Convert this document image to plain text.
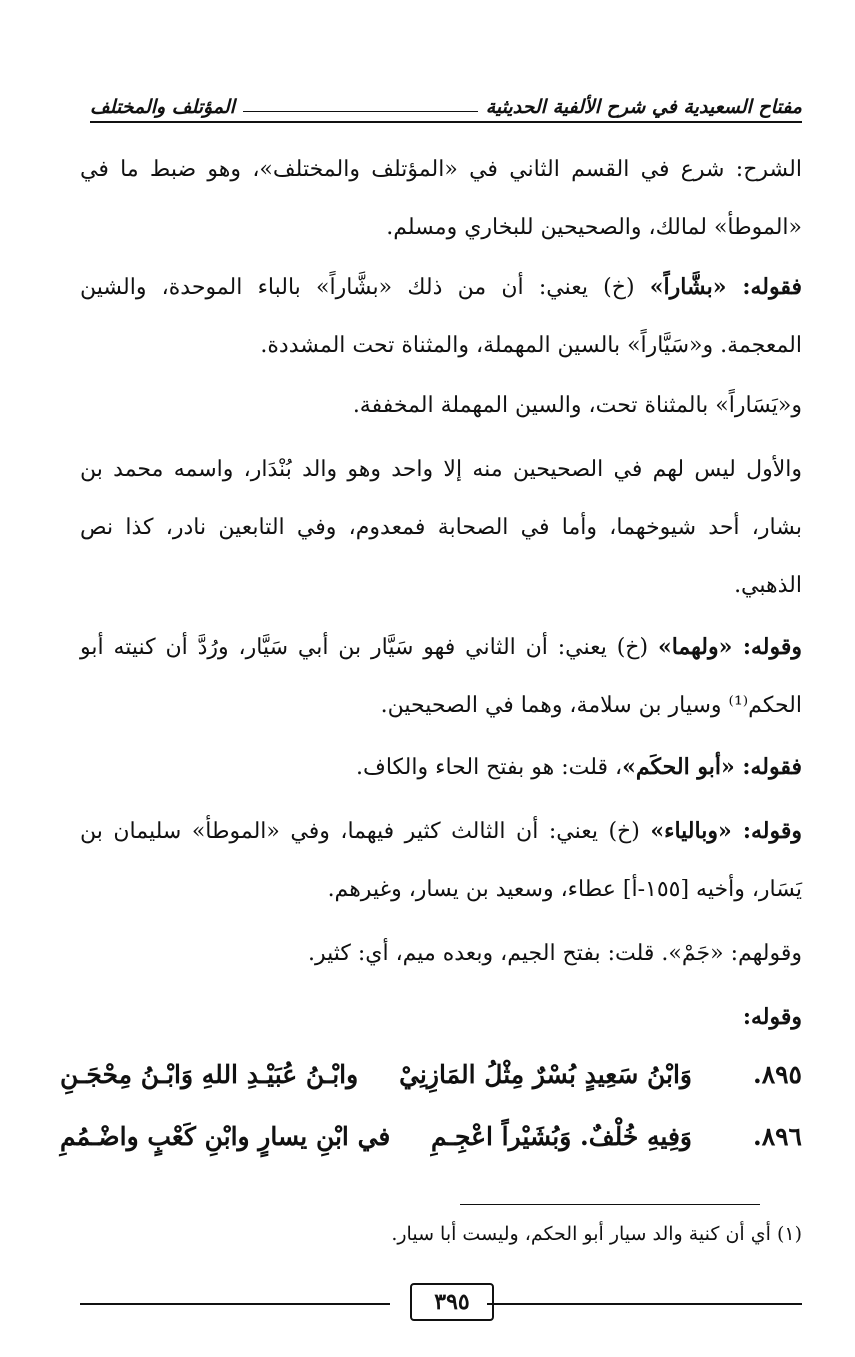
مفتاح السعيدية في شرح الألفية الحديثية
المؤتلف والمختلف
الشرح: شرع في القسم الثاني في «المؤتلف والمختلف»، وهو ضبط ما في «الموطأ» لمالك، والصحيحين للبخاري ومسلم.
فقوله: «بشَّاراً» (خ) يعني: أن من ذلك «بشَّاراً» بالباء الموحدة، والشين المعجمة. و«سَيَّاراً» بالسين المهملة، والمثناة تحت المشددة.
و«يَسَاراً» بالمثناة تحت، والسين المهملة المخففة.
والأول ليس لهم في الصحيحين منه إلا واحد وهو والد بُنْدَار، واسمه محمد بن بشار، أحد شيوخهما، وأما في الصحابة فمعدوم، وفي التابعين نادر، كذا نص الذهبي.
وقوله: «ولهما» (خ) يعني: أن الثاني فهو سَيَّار بن أبي سَيَّار، ورُدَّ أن كنيته أبو الحكم⁽¹⁾ وسيار بن سلامة، وهما في الصحيحين.
فقوله: «أبو الحكَم»، قلت: هو بفتح الحاء والكاف.
وقوله: «وبالياء» (خ) يعني: أن الثالث كثير فيهما، وفي «الموطأ» سليمان بن يَسَار، وأخيه [١٥٥-أ] عطاء، وسعيد بن يسار، وغيرهم.
وقولهم: «جَمْ». قلت: بفتح الجيم، وبعده ميم، أي: كثير.
وقوله:
٨٩٥.
وَابْنُ سَعِيدٍ بُسْرٌ مِثْلُ المَازِنِيْ
وابْـنُ عُبَيْـدِ اللهِ وَابْـنُ مِحْجَـنِ
٨٩٦.
وَفِيهِ خُلْفٌ. وَبُشَيْراً اعْجِـمِ
في ابْنِ يسارٍ وابْنِ كَعْبٍ واضْـمُمِ
(١) أي أن كنية والد سيار أبو الحكم، وليست أبا سيار.
٣٩٥
